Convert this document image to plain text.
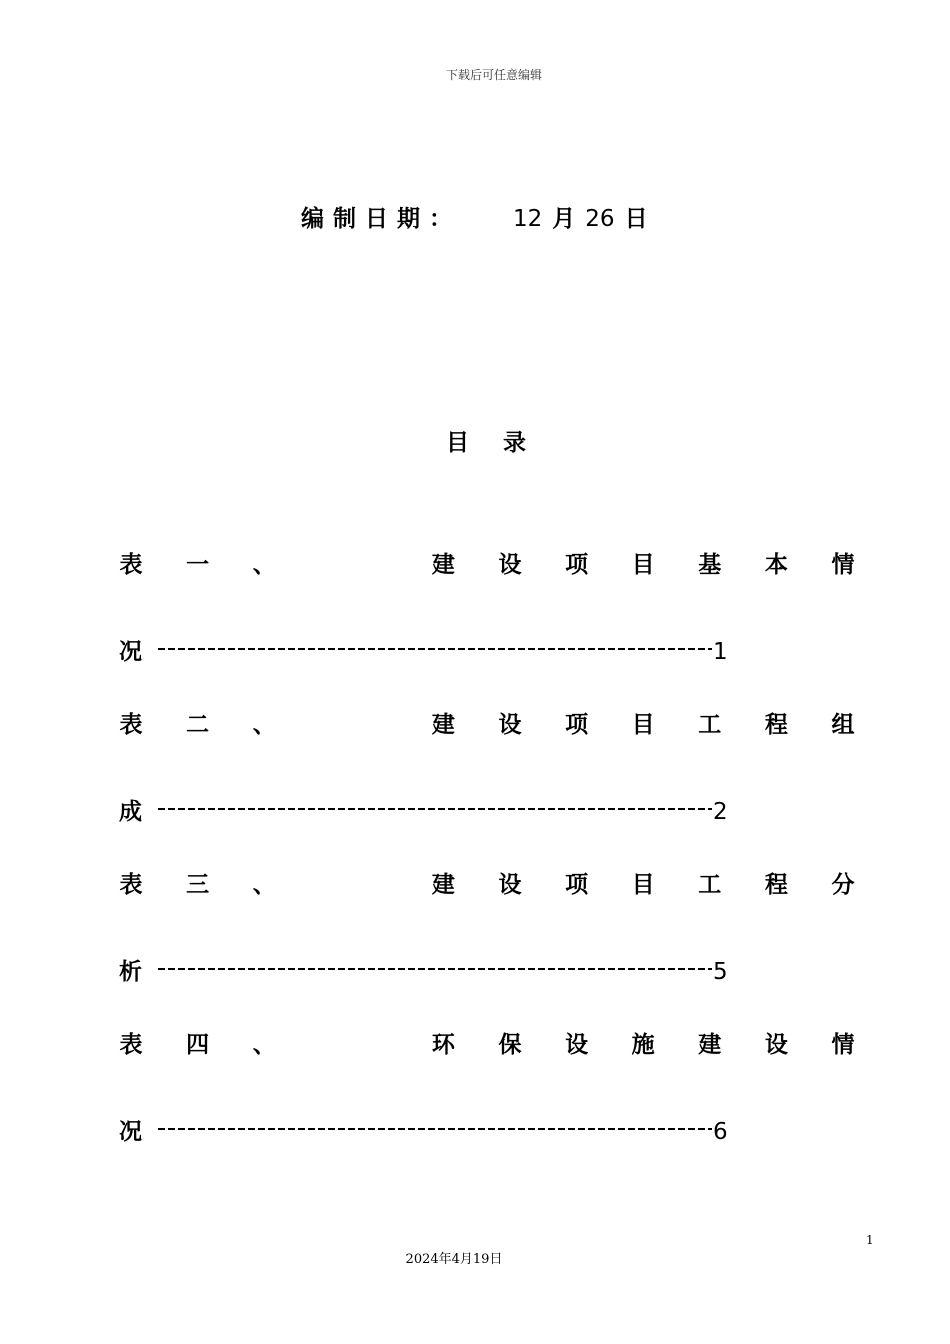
下载后可任意编辑
编制日期： 12 月 26 日
目录
表 一 、	建 设 项 目 基 本 情
况	1
表 二 、	建 设 项 目 工 程 组
成	2
表 三 、	建 设 项 目 工 程 分
析	5
表 四 、	环 保 设 施 建 设 情
况	6
1
2024年4月19日
